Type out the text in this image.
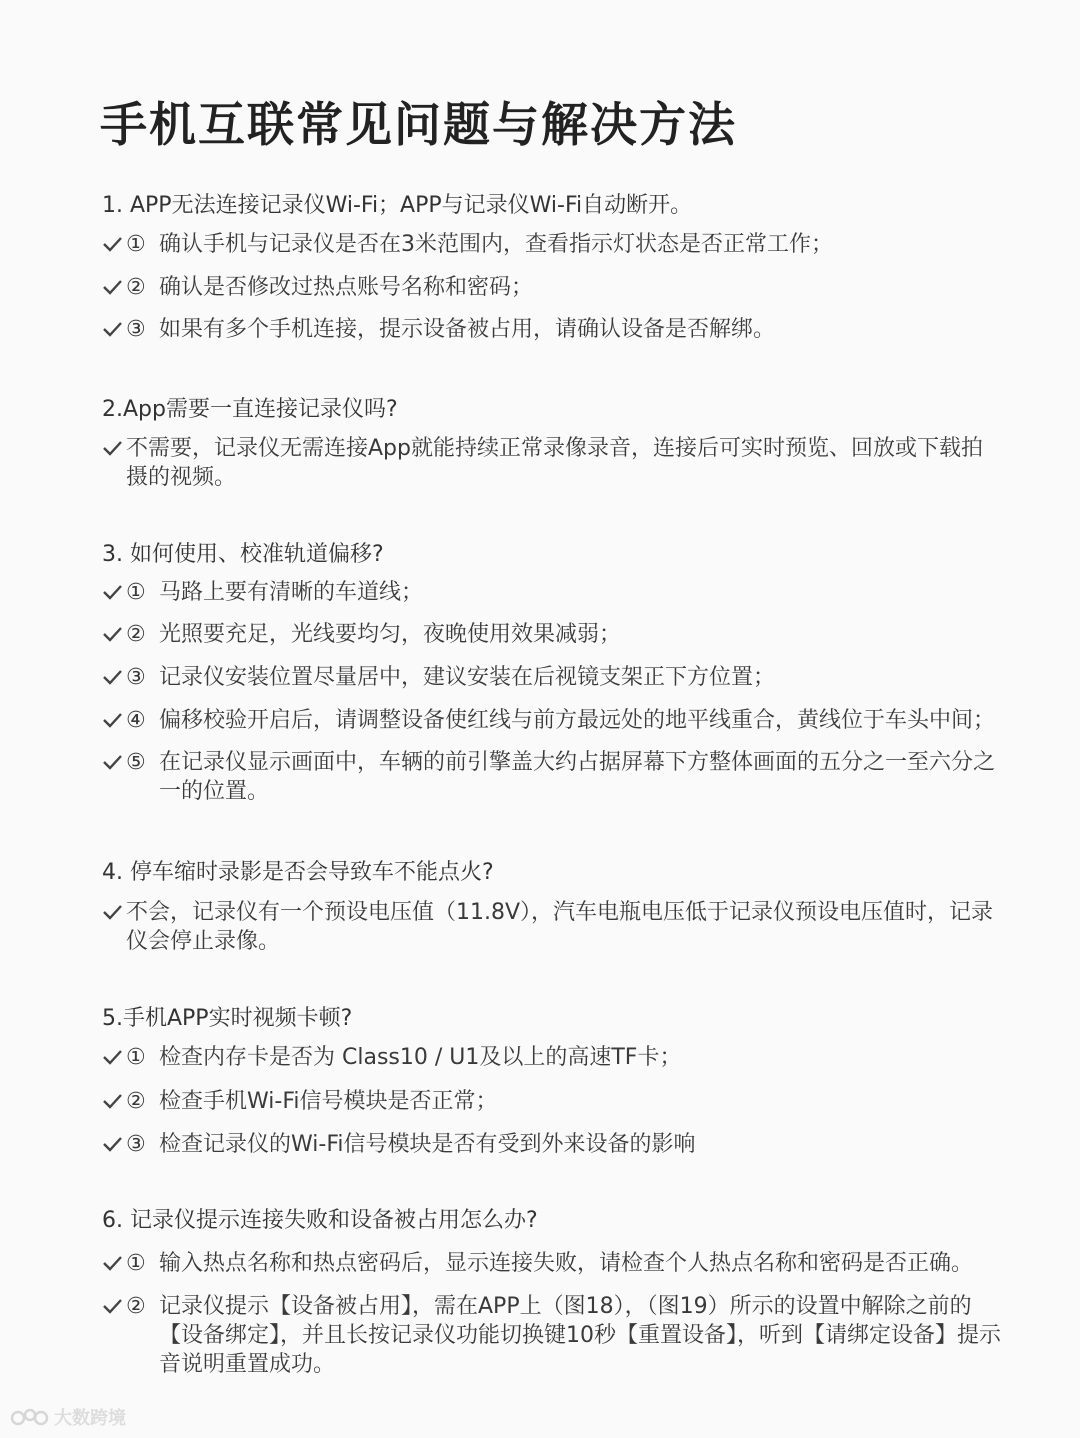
手机互联常见问题与解决方法
1. APP无法连接记录仪Wi-Fi；APP与记录仪Wi-Fi自动断开。
① 确认手机与记录仪是否在3米范围内，查看指示灯状态是否正常工作；
② 确认是否修改过热点账号名称和密码；
③ 如果有多个手机连接，提示设备被占用，请确认设备是否解绑。
2.App需要一直连接记录仪吗?
不需要，记录仪无需连接App就能持续正常录像录音，连接后可实时预览、回放或下载拍摄的视频。
3. 如何使用、校准轨道偏移?
① 马路上要有清晰的车道线；
② 光照要充足，光线要均匀，夜晚使用效果减弱；
③ 记录仪安装位置尽量居中，建议安装在后视镜支架正下方位置；
④ 偏移校验开启后，请调整设备使红线与前方最远处的地平线重合，黄线位于车头中间；
⑤ 在记录仪显示画面中，车辆的前引擎盖大约占据屏幕下方整体画面的五分之一至六分之一的位置。
4. 停车缩时录影是否会导致车不能点火?
不会，记录仪有一个预设电压值（11.8V），汽车电瓶电压低于记录仪预设电压值时，记录仪会停止录像。
5.手机APP实时视频卡顿?
① 检查内存卡是否为 Class10 / U1及以上的高速TF卡；
② 检查手机Wi-Fi信号模块是否正常；
③ 检查记录仪的Wi-Fi信号模块是否有受到外来设备的影响
6. 记录仪提示连接失败和设备被占用怎么办?
① 输入热点名称和热点密码后，显示连接失败，请检查个人热点名称和密码是否正确。
② 记录仪提示【设备被占用】，需在APP上（图18），（图19）所示的设置中解除之前的【设备绑定】，并且长按记录仪功能切换键10秒【重置设备】，听到【请绑定设备】提示音说明重置成功。
大数跨境
